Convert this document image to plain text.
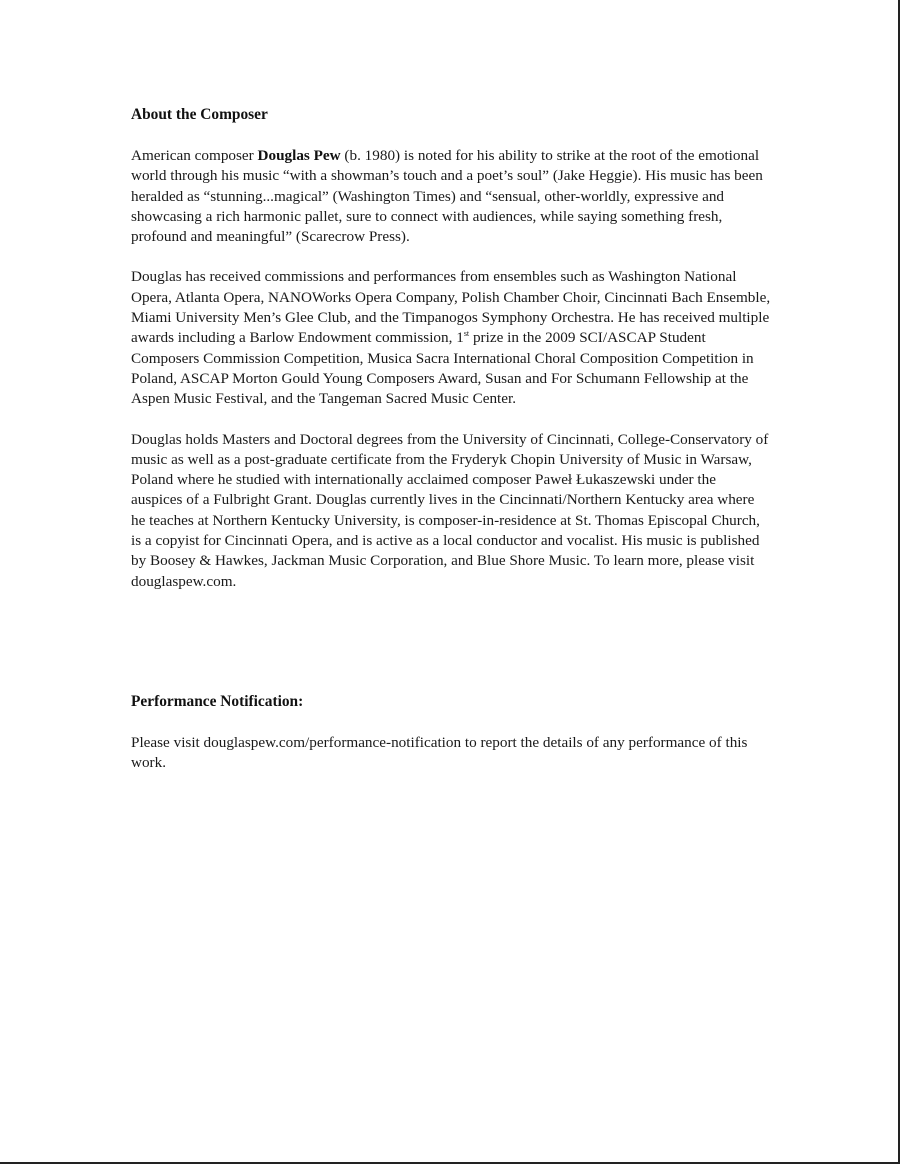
About the Composer

American composer Douglas Pew (b. 1980) is noted for his ability to strike at the root of the emotional world through his music “with a showman’s touch and a poet’s soul” (Jake Heggie). His music has been heralded as “stunning...magical” (Washington Times) and “sensual, other-worldly, expressive and showcasing a rich harmonic pallet, sure to connect with audiences, while saying something fresh, profound and meaningful” (Scarecrow Press).

Douglas has received commissions and performances from ensembles such as Washington National Opera, Atlanta Opera, NANOWorks Opera Company, Polish Chamber Choir, Cincinnati Bach Ensemble, Miami University Men’s Glee Club, and the Timpanogos Symphony Orchestra. He has received multiple awards including a Barlow Endowment commission, 1st prize in the 2009 SCI/ASCAP Student Composers Commission Competition, Musica Sacra International Choral Composition Competition in Poland, ASCAP Morton Gould Young Composers Award, Susan and For Schumann Fellowship at the Aspen Music Festival, and the Tangeman Sacred Music Center.

Douglas holds Masters and Doctoral degrees from the University of Cincinnati, College-Conservatory of music as well as a post-graduate certificate from the Fryderyk Chopin University of Music in Warsaw, Poland where he studied with internationally acclaimed composer Paweł Łukaszewski under the auspices of a Fulbright Grant. Douglas currently lives in the Cincinnati/Northern Kentucky area where he teaches at Northern Kentucky University, is composer-in-residence at St. Thomas Episcopal Church, is a copyist for Cincinnati Opera, and is active as a local conductor and vocalist. His music is published by Boosey & Hawkes, Jackman Music Corporation, and Blue Shore Music. To learn more, please visit douglaspew.com.

Performance Notification:

Please visit douglaspew.com/performance-notification to report the details of any performance of this work.
